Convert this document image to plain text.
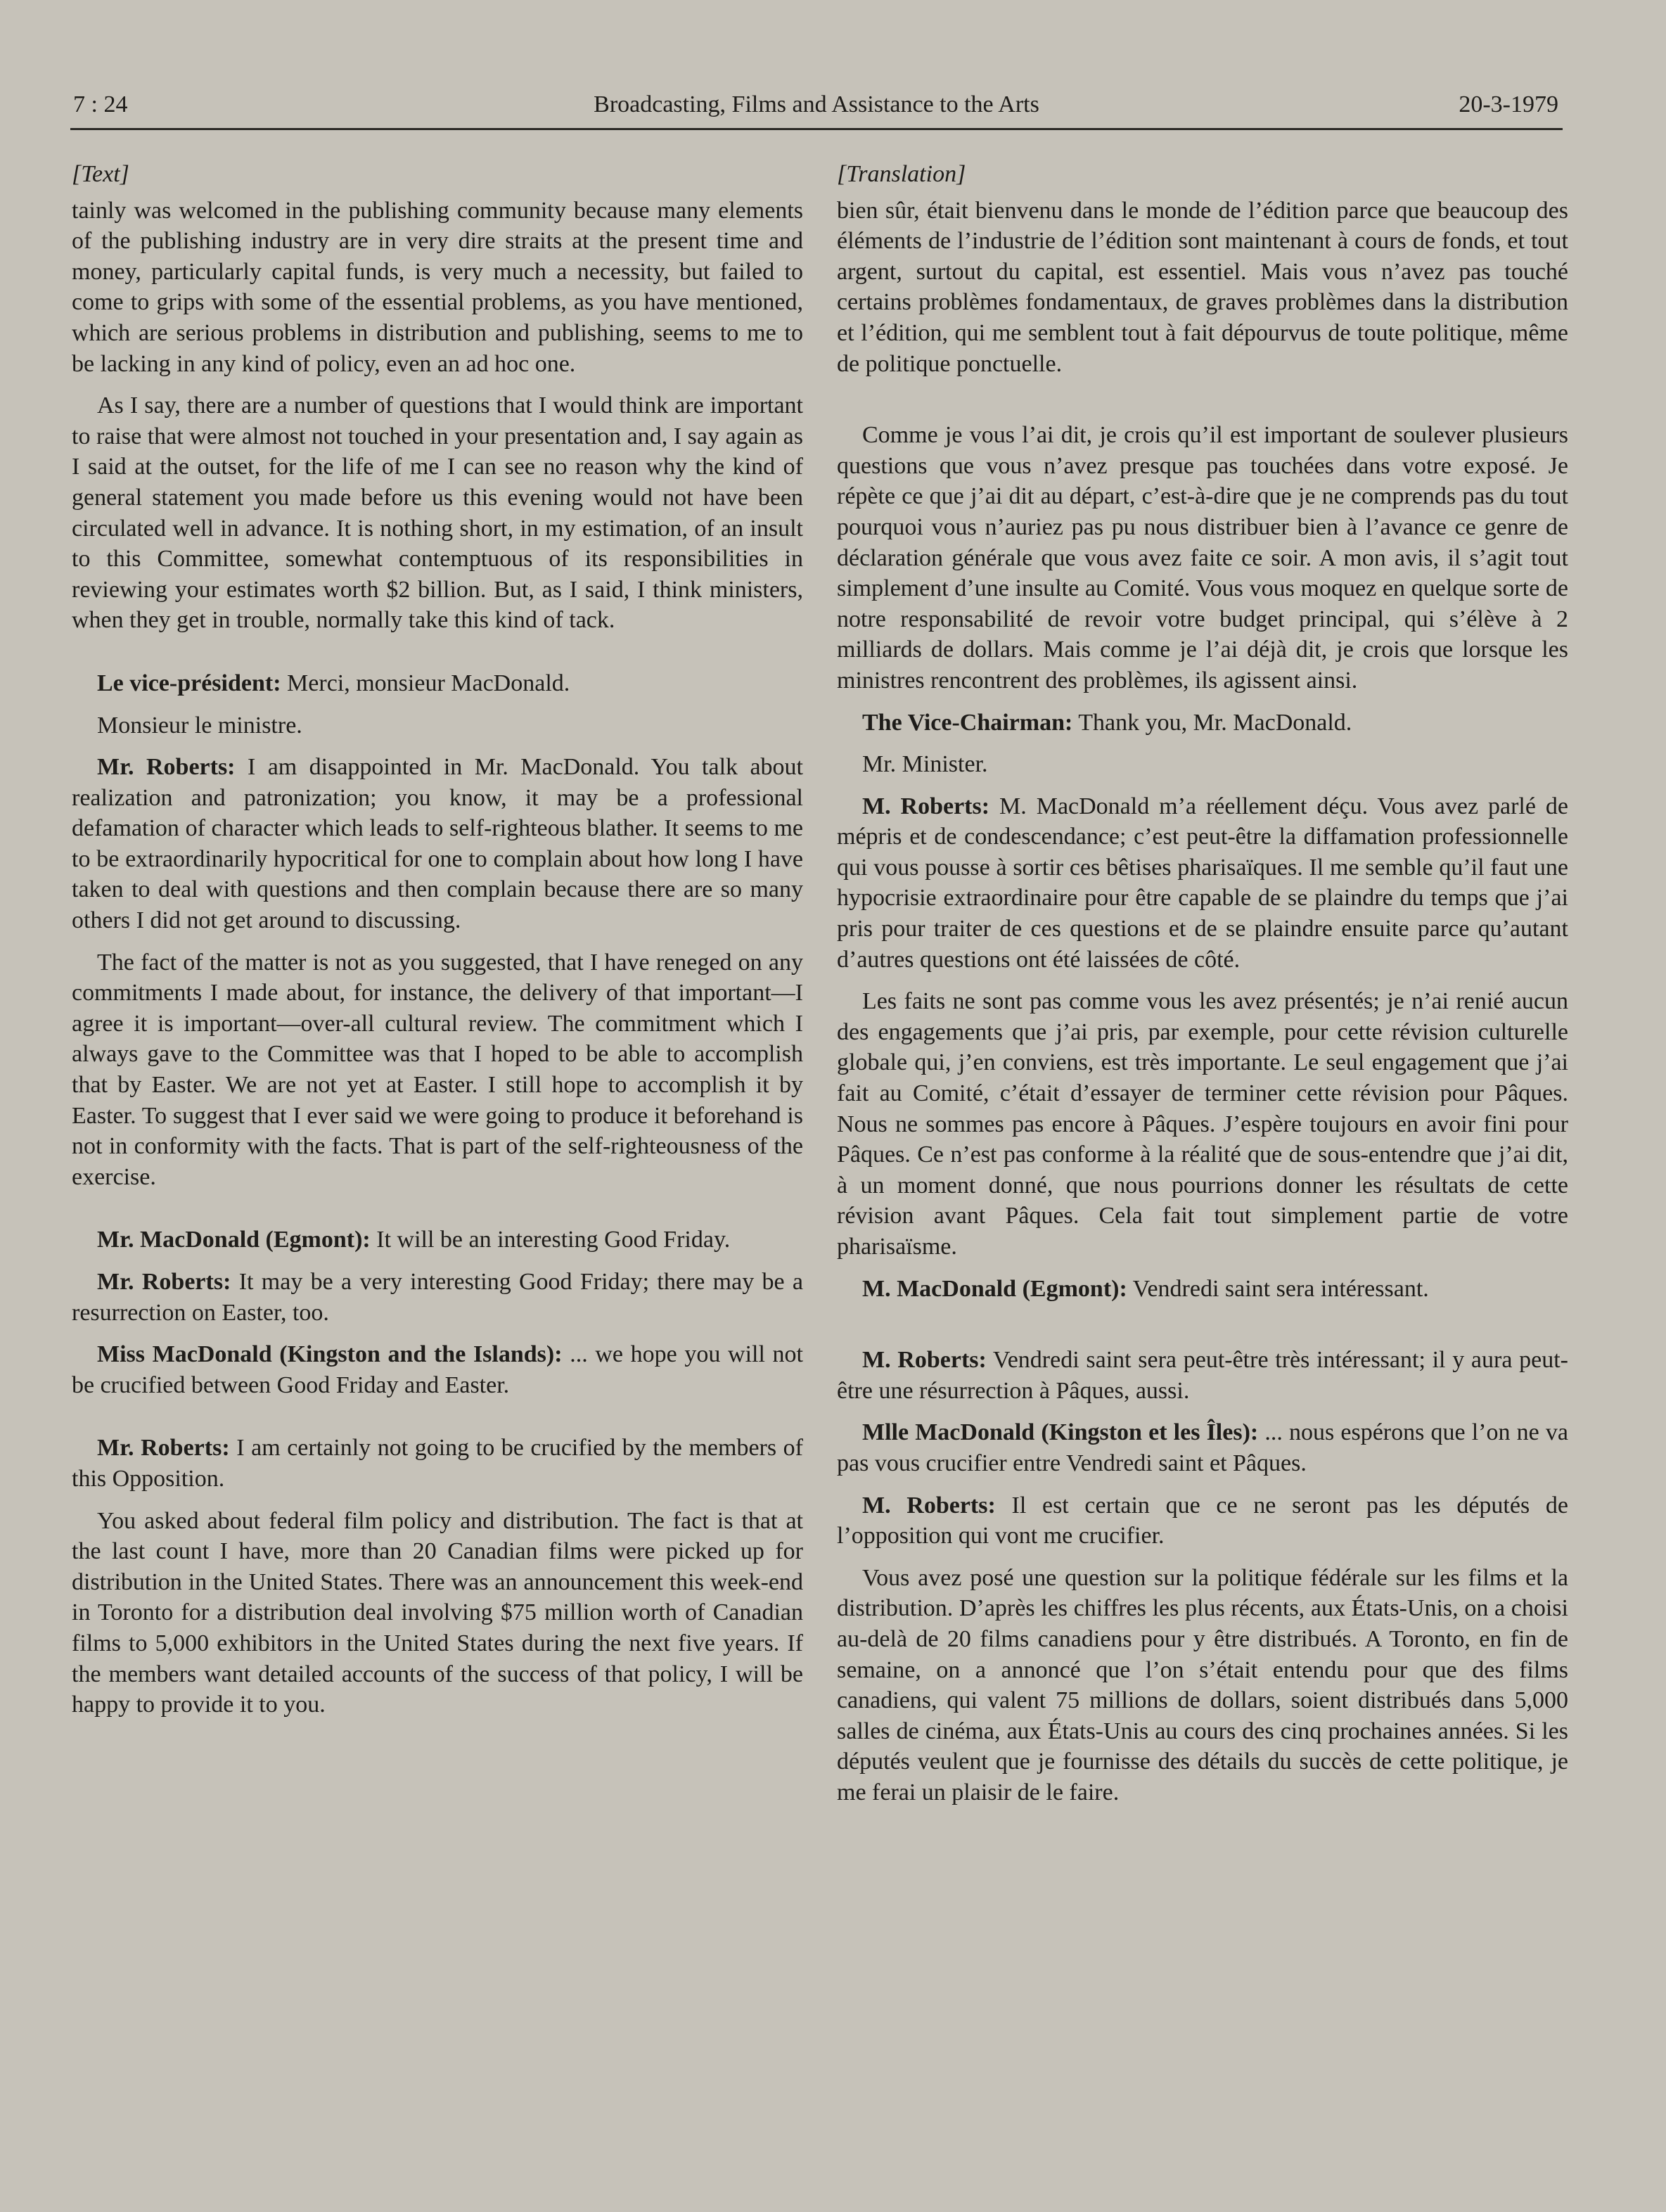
7 : 24	Broadcasting, Films and Assistance to the Arts	20-3-1979
[Text]

tainly was welcomed in the publishing community because many elements of the publishing industry are in very dire straits at the present time and money, particularly capital funds, is very much a necessity, but failed to come to grips with some of the essential problems, as you have mentioned, which are serious problems in distribution and publishing, seems to me to be lacking in any kind of policy, even an ad hoc one.

As I say, there are a number of questions that I would think are important to raise that were almost not touched in your presentation and, I say again as I said at the outset, for the life of me I can see no reason why the kind of general statement you made before us this evening would not have been circulated well in advance. It is nothing short, in my estimation, of an insult to this Committee, somewhat contemptuous of its responsibilities in reviewing your estimates worth $2 billion. But, as I said, I think ministers, when they get in trouble, normally take this kind of tack.

Le vice-président: Merci, monsieur MacDonald.

Monsieur le ministre.

Mr. Roberts: I am disappointed in Mr. MacDonald. You talk about realization and patronization; you know, it may be a professional defamation of character which leads to self-righteous blather. It seems to me to be extraordinarily hypocritical for one to complain about how long I have taken to deal with questions and then complain because there are so many others I did not get around to discussing.

The fact of the matter is not as you suggested, that I have reneged on any commitments I made about, for instance, the delivery of that important—I agree it is important—over-all cultural review. The commitment which I always gave to the Committee was that I hoped to be able to accomplish that by Easter. We are not yet at Easter. I still hope to accomplish it by Easter. To suggest that I ever said we were going to produce it beforehand is not in conformity with the facts. That is part of the self-righteousness of the exercise.

Mr. MacDonald (Egmont): It will be an interesting Good Friday.

Mr. Roberts: It may be a very interesting Good Friday; there may be a resurrection on Easter, too.

Miss MacDonald (Kingston and the Islands): ... we hope you will not be crucified between Good Friday and Easter.

Mr. Roberts: I am certainly not going to be crucified by the members of this Opposition.

You asked about federal film policy and distribution. The fact is that at the last count I have, more than 20 Canadian films were picked up for distribution in the United States. There was an announcement this week-end in Toronto for a distribution deal involving $75 million worth of Canadian films to 5,000 exhibitors in the United States during the next five years. If the members want detailed accounts of the success of that policy, I will be happy to provide it to you.

[Translation]

bien sûr, était bienvenu dans le monde de l’édition parce que beaucoup des éléments de l’industrie de l’édition sont maintenant à cours de fonds, et tout argent, surtout du capital, est essentiel. Mais vous n’avez pas touché certains problèmes fondamentaux, de graves problèmes dans la distribution et l’édition, qui me semblent tout à fait dépourvus de toute politique, même de politique ponctuelle.

Comme je vous l’ai dit, je crois qu’il est important de soulever plusieurs questions que vous n’avez presque pas touchées dans votre exposé. Je répète ce que j’ai dit au départ, c’est-à-dire que je ne comprends pas du tout pourquoi vous n’auriez pas pu nous distribuer bien à l’avance ce genre de déclaration générale que vous avez faite ce soir. A mon avis, il s’agit tout simplement d’une insulte au Comité. Vous vous moquez en quelque sorte de notre responsabilité de revoir votre budget principal, qui s’élève à 2 milliards de dollars. Mais comme je l’ai déjà dit, je crois que lorsque les ministres rencontrent des problèmes, ils agissent ainsi.

The Vice-Chairman: Thank you, Mr. MacDonald.

Mr. Minister.

M. Roberts: M. MacDonald m’a réellement déçu. Vous avez parlé de mépris et de condescendance; c’est peut-être la diffamation professionnelle qui vous pousse à sortir ces bêtises pharisaïques. Il me semble qu’il faut une hypocrisie extraordinaire pour être capable de se plaindre du temps que j’ai pris pour traiter de ces questions et de se plaindre ensuite parce qu’autant d’autres questions ont été laissées de côté.

Les faits ne sont pas comme vous les avez présentés; je n’ai renié aucun des engagements que j’ai pris, par exemple, pour cette révision culturelle globale qui, j’en conviens, est très importante. Le seul engagement que j’ai fait au Comité, c’était d’essayer de terminer cette révision pour Pâques. Nous ne sommes pas encore à Pâques. J’espère toujours en avoir fini pour Pâques. Ce n’est pas conforme à la réalité que de sous-entendre que j’ai dit, à un moment donné, que nous pourrions donner les résultats de cette révision avant Pâques. Cela fait tout simplement partie de votre pharisaïsme.

M. MacDonald (Egmont): Vendredi saint sera intéressant.

M. Roberts: Vendredi saint sera peut-être très intéressant; il y aura peut-être une résurrection à Pâques, aussi.

Mlle MacDonald (Kingston et les Îles): ... nous espérons que l’on ne va pas vous crucifier entre Vendredi saint et Pâques.

M. Roberts: Il est certain que ce ne seront pas les députés de l’opposition qui vont me crucifier.

Vous avez posé une question sur la politique fédérale sur les films et la distribution. D’après les chiffres les plus récents, aux États-Unis, on a choisi au-delà de 20 films canadiens pour y être distribués. A Toronto, en fin de semaine, on a annoncé que l’on s’était entendu pour que des films canadiens, qui valent 75 millions de dollars, soient distribués dans 5,000 salles de cinéma, aux États-Unis au cours des cinq prochaines années. Si les députés veulent que je fournisse des détails du succès de cette politique, je me ferai un plaisir de le faire.
